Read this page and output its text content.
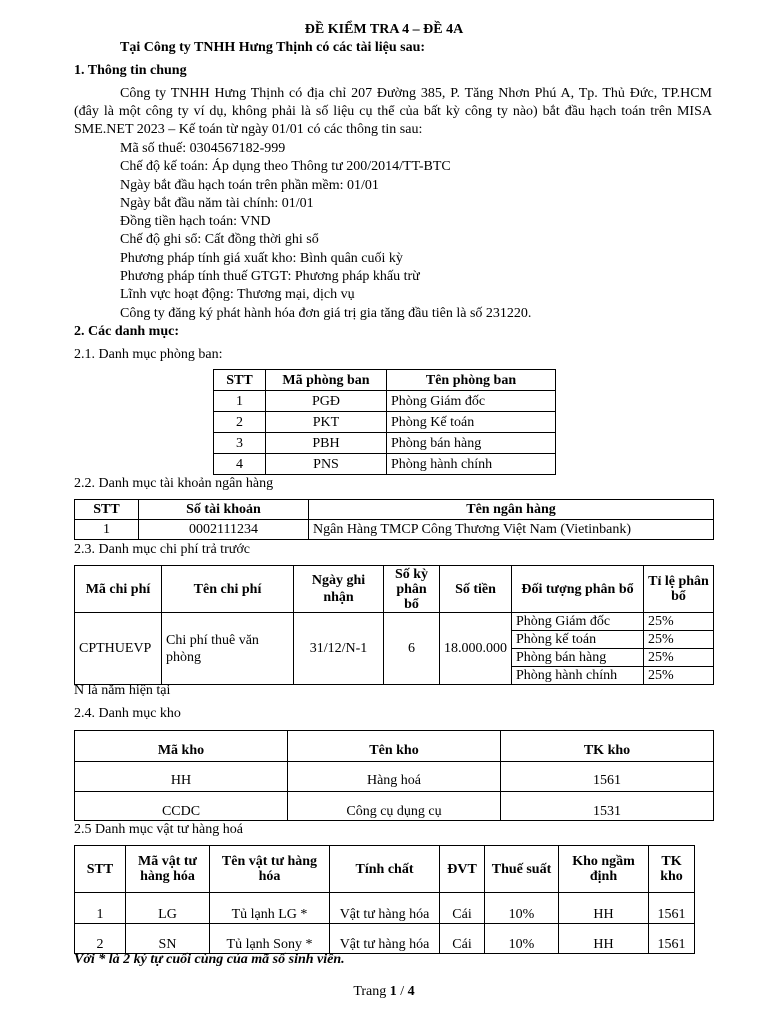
ĐỀ KIỂM TRA 4 – ĐỀ 4A
Tại Công ty TNHH Hưng Thịnh có các tài liệu sau:
1. Thông tin chung
Công ty TNHH Hưng Thịnh có địa chỉ 207 Đường 385, P. Tăng Nhơn Phú A, Tp. Thủ Đức, TP.HCM (đây là một công ty ví dụ, không phải là số liệu cụ thể của bất kỳ công ty nào) bắt đầu hạch toán trên MISA SME.NET 2023 – Kế toán từ ngày 01/01 có các thông tin sau:
Mã số thuế: 0304567182-999
Chế độ kế toán: Áp dụng theo Thông tư 200/2014/TT-BTC
Ngày bắt đầu hạch toán trên phần mềm: 01/01
Ngày bắt đầu năm tài chính: 01/01
Đồng tiền hạch toán: VND
Chế độ ghi sổ: Cất đồng thời ghi sổ
Phương pháp tính giá xuất kho: Bình quân cuối kỳ
Phương pháp tính thuế GTGT: Phương pháp khấu trừ
Lĩnh vực hoạt động: Thương mại, dịch vụ
Công ty đăng ký phát hành hóa đơn giá trị gia tăng đầu tiên là số 231220.
2. Các danh mục:
2.1. Danh mục phòng ban:
STT	Mã phòng ban	Tên phòng ban
1	PGĐ	Phòng Giám đốc
2	PKT	Phòng Kế toán
3	PBH	Phòng bán hàng
4	PNS	Phòng hành chính
2.2. Danh mục tài khoản ngân hàng
STT	Số tài khoản	Tên ngân hàng
1	0002111234	Ngân Hàng TMCP Công Thương Việt Nam (Vietinbank)
2.3. Danh mục chi phí trả trước
Mã chi phí	Tên chi phí	Ngày ghi nhận	Số kỳ phân bổ	Số tiền	Đối tượng phân bổ	Tỉ lệ phân bổ
CPTHUEVP	Chi phí thuê văn phòng	31/12/N-1	6	18.000.000	Phòng Giám đốc	25%
					Phòng kế toán	25%
					Phòng bán hàng	25%
					Phòng hành chính	25%
N là năm hiện tại
2.4. Danh mục kho
Mã kho	Tên kho	TK kho
HH	Hàng hoá	1561
CCDC	Công cụ dụng cụ	1531
2.5 Danh mục vật tư hàng hoá
STT	Mã vật tư hàng hóa	Tên vật tư hàng hóa	Tính chất	ĐVT	Thuế suất	Kho ngầm định	TK kho
1	LG	Tủ lạnh LG *	Vật tư hàng hóa	Cái	10%	HH	1561
2	SN	Tủ lạnh Sony *	Vật tư hàng hóa	Cái	10%	HH	1561
Với * là 2 ký tự cuối cùng của mã số sinh viên.
Trang 1 / 4
